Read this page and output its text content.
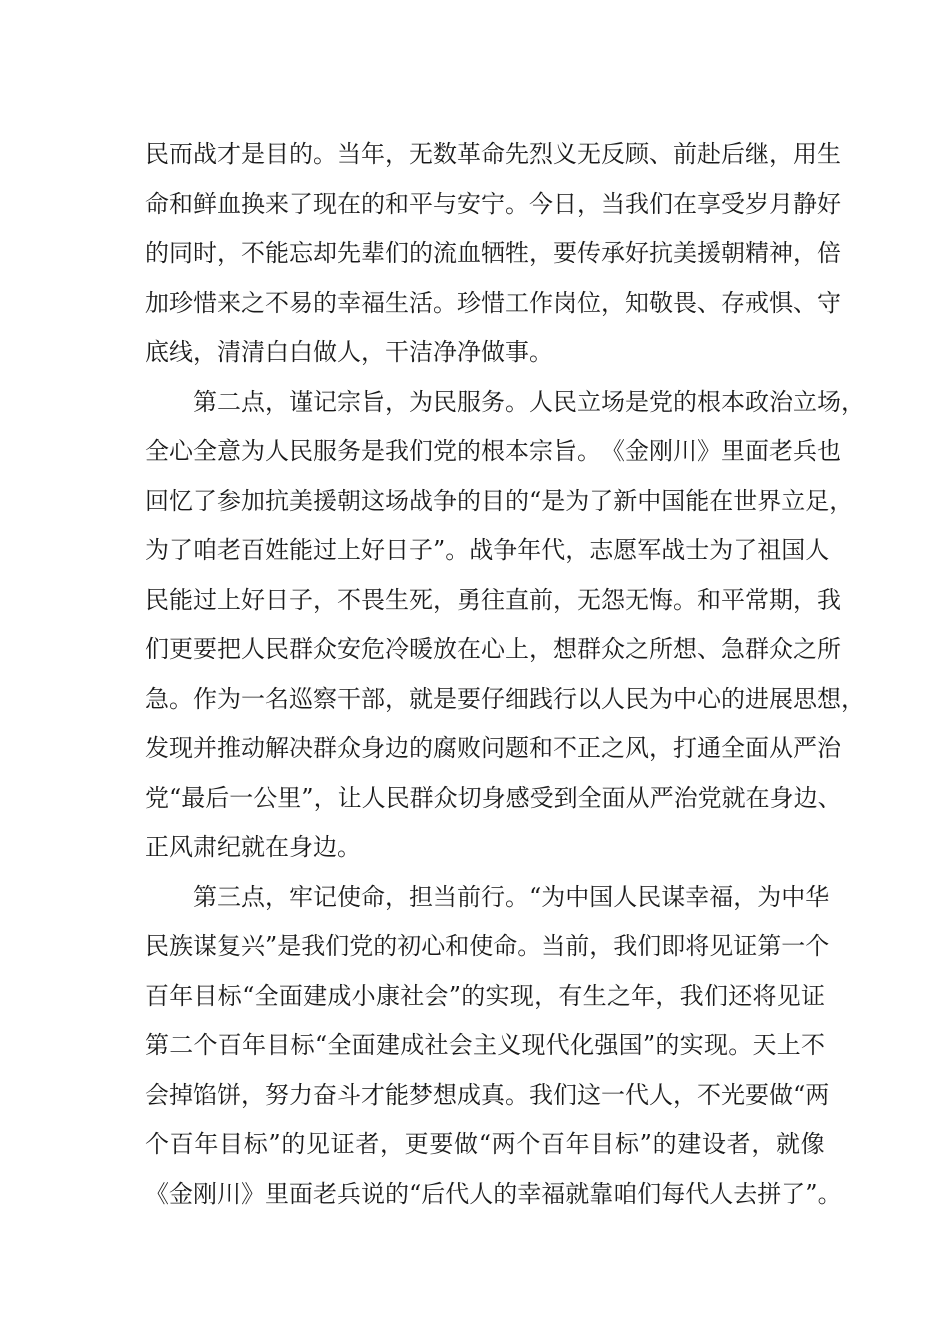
民 而 战 才 是 目 的 。 当 年 ， 无 数 革 命 先 烈 义 无 反 顾 、 前 赴 后 继 ， 用 生
命 和 鲜 血 换 来 了 现 在 的 和 平 与 安 宁 。 今 日 ， 当 我 们 在 享 受 岁 月 静 好
的 同 时 ， 不 能 忘 却 先 辈 们 的 流 血 牺 牲 ， 要 传 承 好 抗 美 援 朝 精 神 ， 倍
加 珍 惜 来 之 不 易 的 幸 福 生 活 。 珍 惜 工 作 岗 位 ， 知 敬 畏 、 存 戒 惧 、 守
底线，清清白白做人，干洁净净做事。
第 二 点 ， 谨 记 宗 旨 ， 为 民 服 务 。 人 民 立 场 是 党 的 根 本 政 治 立 场 ，
全 心 全 意 为 人 民 服 务 是 我 们 党 的 根 本 宗 旨 。 《 金 刚 川 》 里 面 老 兵 也
回 忆 了 参 加 抗 美 援 朝 这 场 战 争 的 目 的 “ 是 为 了 新 中 国 能 在 世 界 立 足 ，
为 了 咱 老 百 姓 能 过 上 好 日 子 ” 。 战 争 年 代 ， 志 愿 军 战 士 为 了 祖 国 人
民 能 过 上 好 日 子 ， 不 畏 生 死 ， 勇 往 直 前 ， 无 怨 无 悔 。 和 平 常 期 ， 我
们 更 要 把 人 民 群 众 安 危 冷 暖 放 在 心 上 ， 想 群 众 之 所 想 、 急 群 众 之 所
急 。 作 为 一 名 巡 察 干 部 ， 就 是 要 仔 细 践 行 以 人 民 为 中 心 的 进 展 思 想 ，
发 现 并 推 动 解 决 群 众 身 边 的 腐 败 问 题 和 不 正 之 风 ， 打 通 全 面 从 严 治
党 “ 最 后 一 公 里 ” ， 让 人 民 群 众 切 身 感 受 到 全 面 从 严 治 党 就 在 身 边 、
正风肃纪就在身边。
第 三 点 ， 牢 记 使 命 ， 担 当 前 行 。 “ 为 中 国 人 民 谋 幸 福 ， 为 中 华
民 族 谋 复 兴 ” 是 我 们 党 的 初 心 和 使 命 。 当 前 ， 我 们 即 将 见 证 第 一 个
百 年 目 标 “ 全 面 建 成 小 康 社 会 ” 的 实 现 ， 有 生 之 年 ， 我 们 还 将 见 证
第 二 个 百 年 目 标 “ 全 面 建 成 社 会 主 义 现 代 化 强 国 ” 的 实 现 。 天 上 不
会 掉 馅 饼 ， 努 力 奋 斗 才 能 梦 想 成 真 。 我 们 这 一 代 人 ， 不 光 要 做 “ 两
个 百 年 目 标 ” 的 见 证 者 ， 更 要 做 “ 两 个 百 年 目 标 ” 的 建 设 者 ， 就 像
《 金 刚 川 》 里 面 老 兵 说 的 “ 后 代 人 的 幸 福 就 靠 咱 们 每 代 人 去 拼 了 ” 。
